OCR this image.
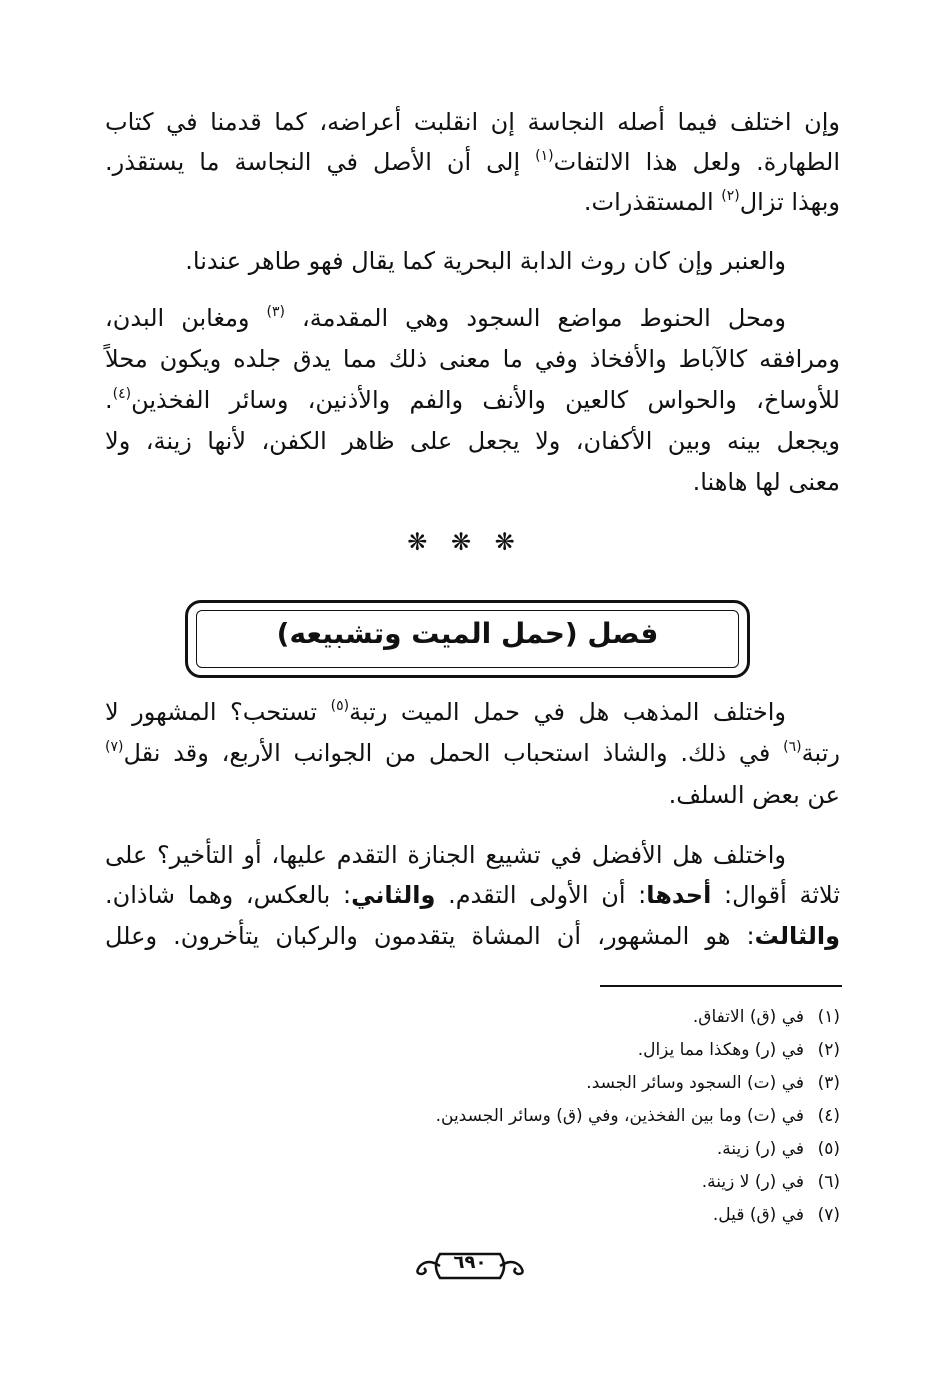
وإن اختلف فيما أصله النجاسة إن انقلبت أعراضه، كما قدمنا في كتاب
الطهارة. ولعل هذا الالتفات$^{(١)}$ إلى أن الأصل في النجاسة ما يستقذر.
وبهذا تزال$^{(٢)}$ المستقذرات.
والعنبر وإن كان روث الدابة البحرية كما يقال فهو طاهر عندنا.
ومحل الحنوط مواضع السجود وهي المقدمة، $^{(٣)}$ ومغابن البدن،
ومرافقه كالآباط والأفخاذ وفي ما معنى ذلك مما يدق جلده ويكون محلاً
للأوساخ، والحواس كالعين والأنف والفم والأذنين، وسائر الفخذين$^{(٤)}$.
ويجعل بينه وبين الأكفان، ولا يجعل على ظاهر الكفن، لأنها زينة، ولا
معنى لها هاهنا.
❋ ❋ ❋
فصل (حمل الميت وتشبيعه)
واختلف المذهب هل في حمل الميت رتبة$^{(٥)}$ تستحب؟ المشهور لا
رتبة$^{(٦)}$ في ذلك. والشاذ استحباب الحمل من الجوانب الأربع، وقد نقل$^{(٧)}$
عن بعض السلف.
واختلف هل الأفضل في تشييع الجنازة التقدم عليها، أو التأخير؟ على
ثلاثة أقوال: أحدها: أن الأولى التقدم. والثاني: بالعكس، وهما شاذان.
والثالث: هو المشهور، أن المشاة يتقدمون والركبان يتأخرون. وعلل
(١)في (ق) الاتفاق.
(٢)في (ر) وهكذا مما يزال.
(٣)في (ت) السجود وسائر الجسد.
(٤)في (ت) وما بين الفخذين، وفي (ق) وسائر الجسدين.
(٥)في (ر) زينة.
(٦)في (ر) لا زينة.
(٧)في (ق) قيل.
٦٩٠
